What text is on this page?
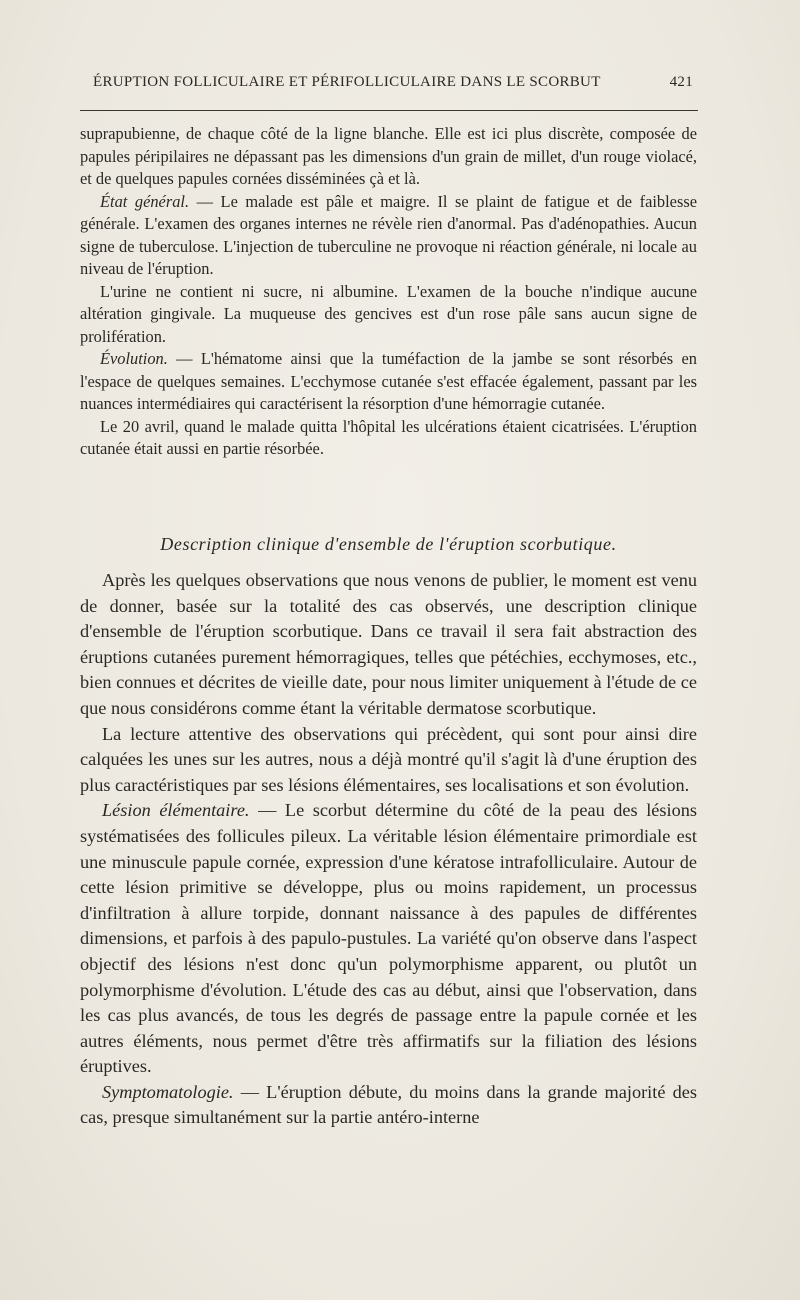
ÉRUPTION FOLLICULAIRE ET PÉRIFOLLICULAIRE DANS LE SCORBUT	421

suprapubienne, de chaque côté de la ligne blanche. Elle est ici plus discrète, composée de papules péripilaires ne dépassant pas les dimensions d'un grain de millet, d'un rouge violacé, et de quelques papules cornées disséminées çà et là.

État général. — Le malade est pâle et maigre. Il se plaint de fatigue et de faiblesse générale. L'examen des organes internes ne révèle rien d'anormal. Pas d'adénopathies. Aucun signe de tuberculose. L'injection de tuberculine ne provoque ni réaction générale, ni locale au niveau de l'éruption.

L'urine ne contient ni sucre, ni albumine. L'examen de la bouche n'indique aucune altération gingivale. La muqueuse des gencives est d'un rose pâle sans aucun signe de prolifération.

Évolution. — L'hématome ainsi que la tuméfaction de la jambe se sont résorbés en l'espace de quelques semaines. L'ecchymose cutanée s'est effacée également, passant par les nuances intermédiaires qui caractérisent la résorption d'une hémorragie cutanée.

Le 20 avril, quand le malade quitta l'hôpital les ulcérations étaient cicatrisées. L'éruption cutanée était aussi en partie résorbée.

Description clinique d'ensemble de l'éruption scorbutique.

Après les quelques observations que nous venons de publier, le moment est venu de donner, basée sur la totalité des cas observés, une description clinique d'ensemble de l'éruption scorbutique. Dans ce travail il sera fait abstraction des éruptions cutanées purement hémorragiques, telles que pétéchies, ecchymoses, etc., bien connues et décrites de vieille date, pour nous limiter uniquement à l'étude de ce que nous considérons comme étant la véritable dermatose scorbutique.

La lecture attentive des observations qui précèdent, qui sont pour ainsi dire calquées les unes sur les autres, nous a déjà montré qu'il s'agit là d'une éruption des plus caractéristiques par ses lésions élémentaires, ses localisations et son évolution.

Lésion élémentaire. — Le scorbut détermine du côté de la peau des lésions systématisées des follicules pileux. La véritable lésion élémentaire primordiale est une minuscule papule cornée, expression d'une kératose intrafolliculaire. Autour de cette lésion primitive se développe, plus ou moins rapidement, un processus d'infiltration à allure torpide, donnant naissance à des papules de différentes dimensions, et parfois à des papulo-pustules. La variété qu'on observe dans l'aspect objectif des lésions n'est donc qu'un polymorphisme apparent, ou plutôt un polymorphisme d'évolution. L'étude des cas au début, ainsi que l'observation, dans les cas plus avancés, de tous les degrés de passage entre la papule cornée et les autres éléments, nous permet d'être très affirmatifs sur la filiation des lésions éruptives.

Symptomatologie. — L'éruption débute, du moins dans la grande majorité des cas, presque simultanément sur la partie antéro-interne
